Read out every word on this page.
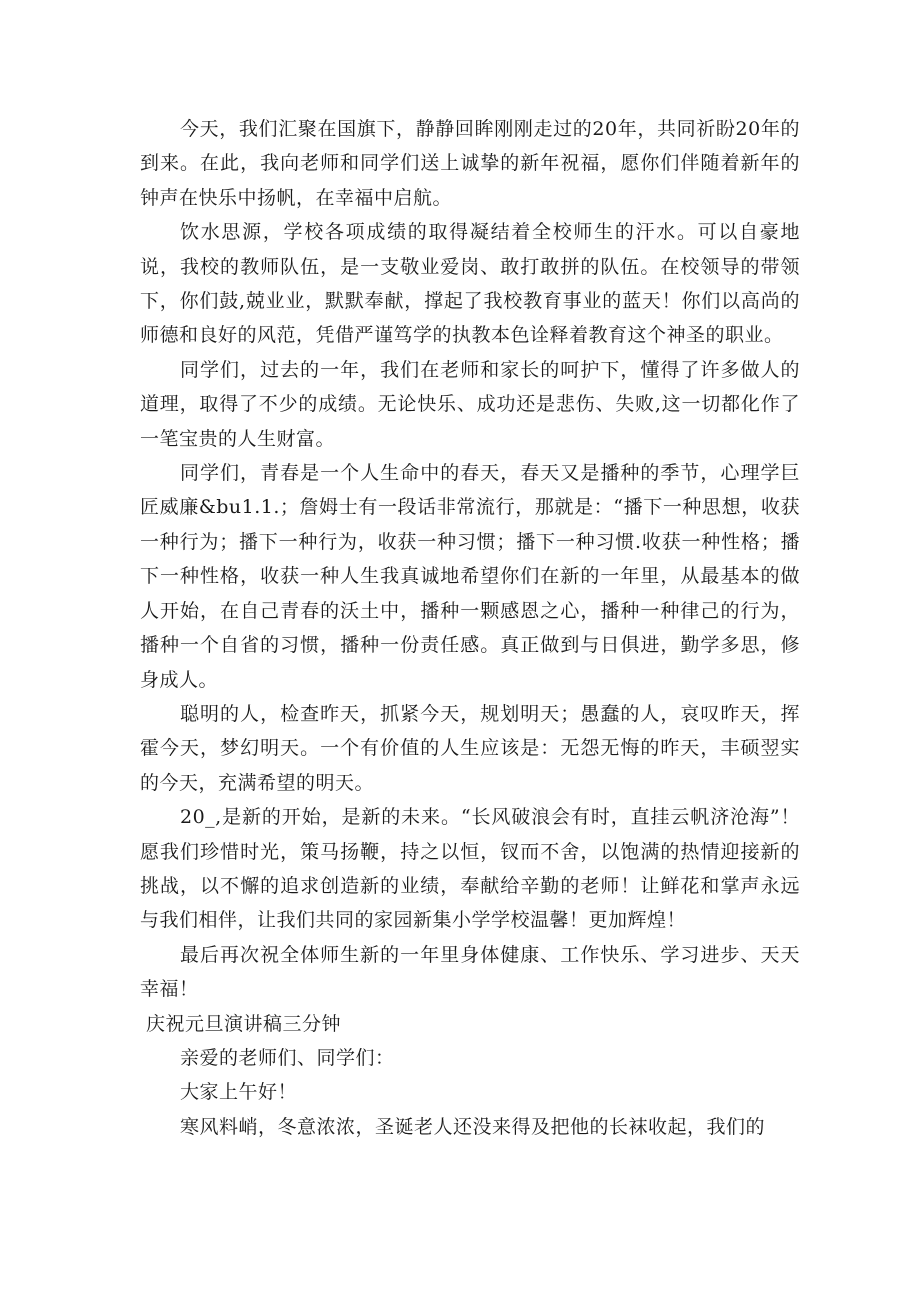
今天，我们汇聚在国旗下，静静回眸刚刚走过的20年，共同祈盼20年的到来。在此，我向老师和同学们送上诚挚的新年祝福，愿你们伴随着新年的钟声在快乐中扬帆，在幸福中启航。

饮水思源，学校各项成绩的取得凝结着全校师生的汗水。可以自豪地说，我校的教师队伍，是一支敬业爱岗、敢打敢拼的队伍。在校领导的带领下，你们鼓,兢业业，默默奉献，撑起了我校教育事业的蓝天！你们以高尚的师德和良好的风范，凭借严谨笃学的执教本色诠释着教育这个神圣的职业。

同学们，过去的一年，我们在老师和家长的呵护下，懂得了许多做人的道理，取得了不少的成绩。无论快乐、成功还是悲伤、失败,这一切都化作了一笔宝贵的人生财富。

同学们，青春是一个人生命中的春天，春天又是播种的季节，心理学巨匠威廉&bu1.1.；詹姆士有一段话非常流行，那就是：“播下一种思想，收获一种行为；播下一种行为，收获一种习惯；播下一种习惯.收获一种性格；播下一种性格，收获一种人生我真诚地希望你们在新的一年里，从最基本的做人开始，在自己青春的沃土中，播种一颗感恩之心，播种一种律己的行为，播种一个自省的习惯，播种一份责任感。真正做到与日俱进，勤学多思，修身成人。

聪明的人，检查昨天，抓紧今天，规划明天；愚蠢的人，哀叹昨天，挥霍今天，梦幻明天。一个有价值的人生应该是：无怨无悔的昨天，丰硕翌实的今天，充满希望的明天。

20_,是新的开始，是新的未来。“长风破浪会有时，直挂云帆济沧海”！愿我们珍惜时光，策马扬鞭，持之以恒，钗而不舍，以饱满的热情迎接新的挑战，以不懈的追求创造新的业绩，奉献给辛勤的老师！让鲜花和掌声永远与我们相伴，让我们共同的家园新集小学学校温馨！更加辉煌！

最后再次祝全体师生新的一年里身体健康、工作快乐、学习进步、天天幸福！

庆祝元旦演讲稿三分钟

亲爱的老师们、同学们：

大家上午好！

寒风料峭，冬意浓浓，圣诞老人还没来得及把他的长袜收起，我们的
